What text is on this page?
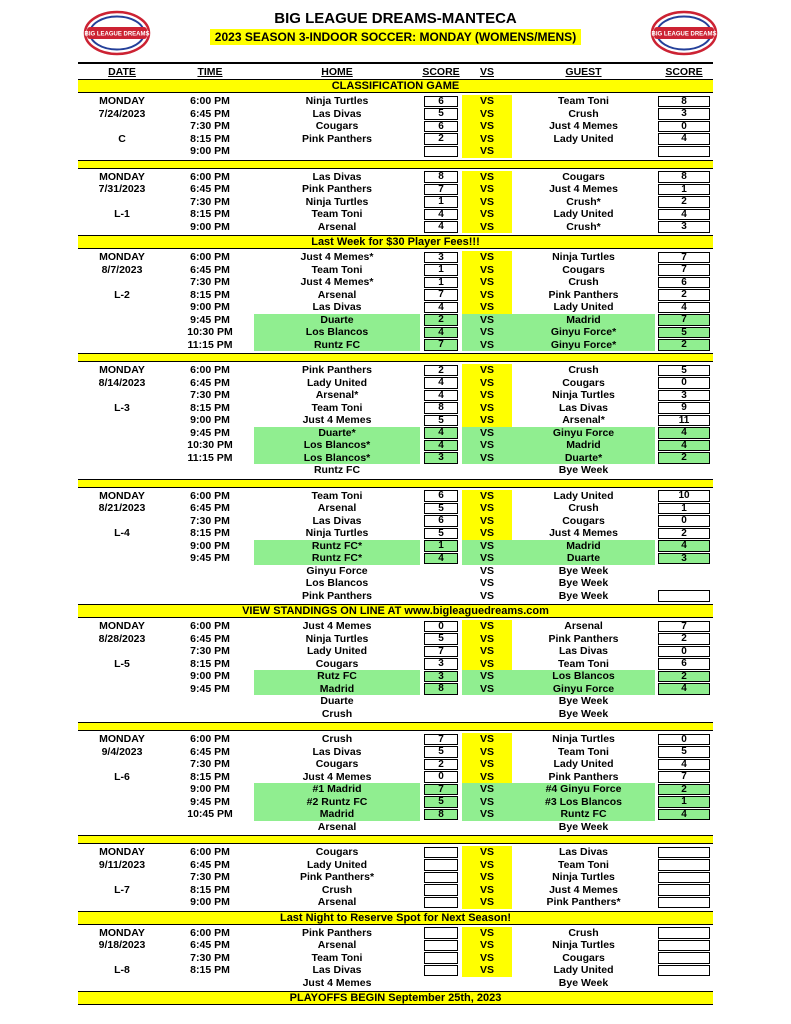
BIG LEAGUE DREAMS	BIG LEAGUE DREAMS
BIG LEAGUE DREAMS-MANTECA
2023 SEASON 3-INDOOR SOCCER: MONDAY (WOMENS/MENS)
DATE	TIME	HOME	SCORE	VS	GUEST	SCORE
CLASSIFICATION GAME
MONDAY
7/24/2023
C
6:00 PM	Ninja Turtles	6	VS	Team Toni	8
6:45 PM	Las Divas	5	VS	Crush	3
7:30 PM	Cougars	6	VS	Just 4 Memes	0
8:15 PM	Pink Panthers	2	VS	Lady United	4
9:00 PM	VS
MONDAY
7/31/2023
L-1
6:00 PM	Las Divas	8	VS	Cougars	8
6:45 PM	Pink Panthers	7	VS	Just 4 Memes	1
7:30 PM	Ninja Turtles	1	VS	Crush*	2
8:15 PM	Team Toni	4	VS	Lady United	4
9:00 PM	Arsenal	4	VS	Crush*	3
Last Week for $30 Player Fees!!!
MONDAY
8/7/2023
L-2
6:00 PM	Just 4 Memes*	3	VS	Ninja Turtles	7
6:45 PM	Team Toni	1	VS	Cougars	7
7:30 PM	Just 4 Memes*	1	VS	Crush	6
8:15 PM	Arsenal	7	VS	Pink Panthers	2
9:00 PM	Las Divas	4	VS	Lady United	4
9:45 PM	Duarte	2	VS	Madrid	7
10:30 PM	Los Blancos	4	VS	Ginyu Force*	5
11:15 PM	Runtz FC	7	VS	Ginyu Force*	2
MONDAY
8/14/2023
L-3
6:00 PM	Pink Panthers	2	VS	Crush	5
6:45 PM	Lady United	4	VS	Cougars	0
7:30 PM	Arsenal*	4	VS	Ninja Turtles	3
8:15 PM	Team Toni	8	VS	Las Divas	9
9:00 PM	Just 4 Memes	5	VS	Arsenal*	11
9:45 PM	Duarte*	4	VS	Ginyu Force	4
10:30 PM	Los Blancos*	4	VS	Madrid	4
11:15 PM	Los Blancos*	3	VS	Duarte*	2
Runtz FC	Bye Week
MONDAY
8/21/2023
L-4
6:00 PM	Team Toni	6	VS	Lady United	10
6:45 PM	Arsenal	5	VS	Crush	1
7:30 PM	Las Divas	6	VS	Cougars	0
8:15 PM	Ninja Turtles	5	VS	Just 4 Memes	2
9:00 PM	Runtz FC*	1	VS	Madrid	4
9:45 PM	Runtz FC*	4	VS	Duarte	3
Ginyu Force	VS	Bye Week
Los Blancos	VS	Bye Week
Pink Panthers	VS	Bye Week
VIEW STANDINGS ON LINE AT www.bigleaguedreams.com
MONDAY
8/28/2023
L-5
6:00 PM	Just 4 Memes	0	VS	Arsenal	7
6:45 PM	Ninja Turtles	5	VS	Pink Panthers	2
7:30 PM	Lady United	7	VS	Las Divas	0
8:15 PM	Cougars	3	VS	Team Toni	6
9:00 PM	Rutz FC	3	VS	Los Blancos	2
9:45 PM	Madrid	8	VS	Ginyu Force	4
Duarte	Bye Week
Crush	Bye Week
MONDAY
9/4/2023
L-6
6:00 PM	Crush	7	VS	Ninja Turtles	0
6:45 PM	Las Divas	5	VS	Team Toni	5
7:30 PM	Cougars	2	VS	Lady United	4
8:15 PM	Just 4 Memes	0	VS	Pink Panthers	7
9:00 PM	#1 Madrid	7	VS	#4 Ginyu Force	2
9:45 PM	#2 Runtz FC	5	VS	#3 Los Blancos	1
10:45 PM	Madrid	8	VS	Runtz FC	4
Arsenal	Bye Week
MONDAY
9/11/2023
L-7
6:00 PM	Cougars	VS	Las Divas
6:45 PM	Lady United	VS	Team Toni
7:30 PM	Pink Panthers*	VS	Ninja Turtles
8:15 PM	Crush	VS	Just 4 Memes
9:00 PM	Arsenal	VS	Pink Panthers*
Last Night to Reserve Spot for Next Season!
MONDAY
9/18/2023
L-8
6:00 PM	Pink Panthers	VS	Crush
6:45 PM	Arsenal	VS	Ninja Turtles
7:30 PM	Team Toni	VS	Cougars
8:15 PM	Las Divas	VS	Lady United
Just 4 Memes	Bye Week
PLAYOFFS BEGIN September 25th, 2023
